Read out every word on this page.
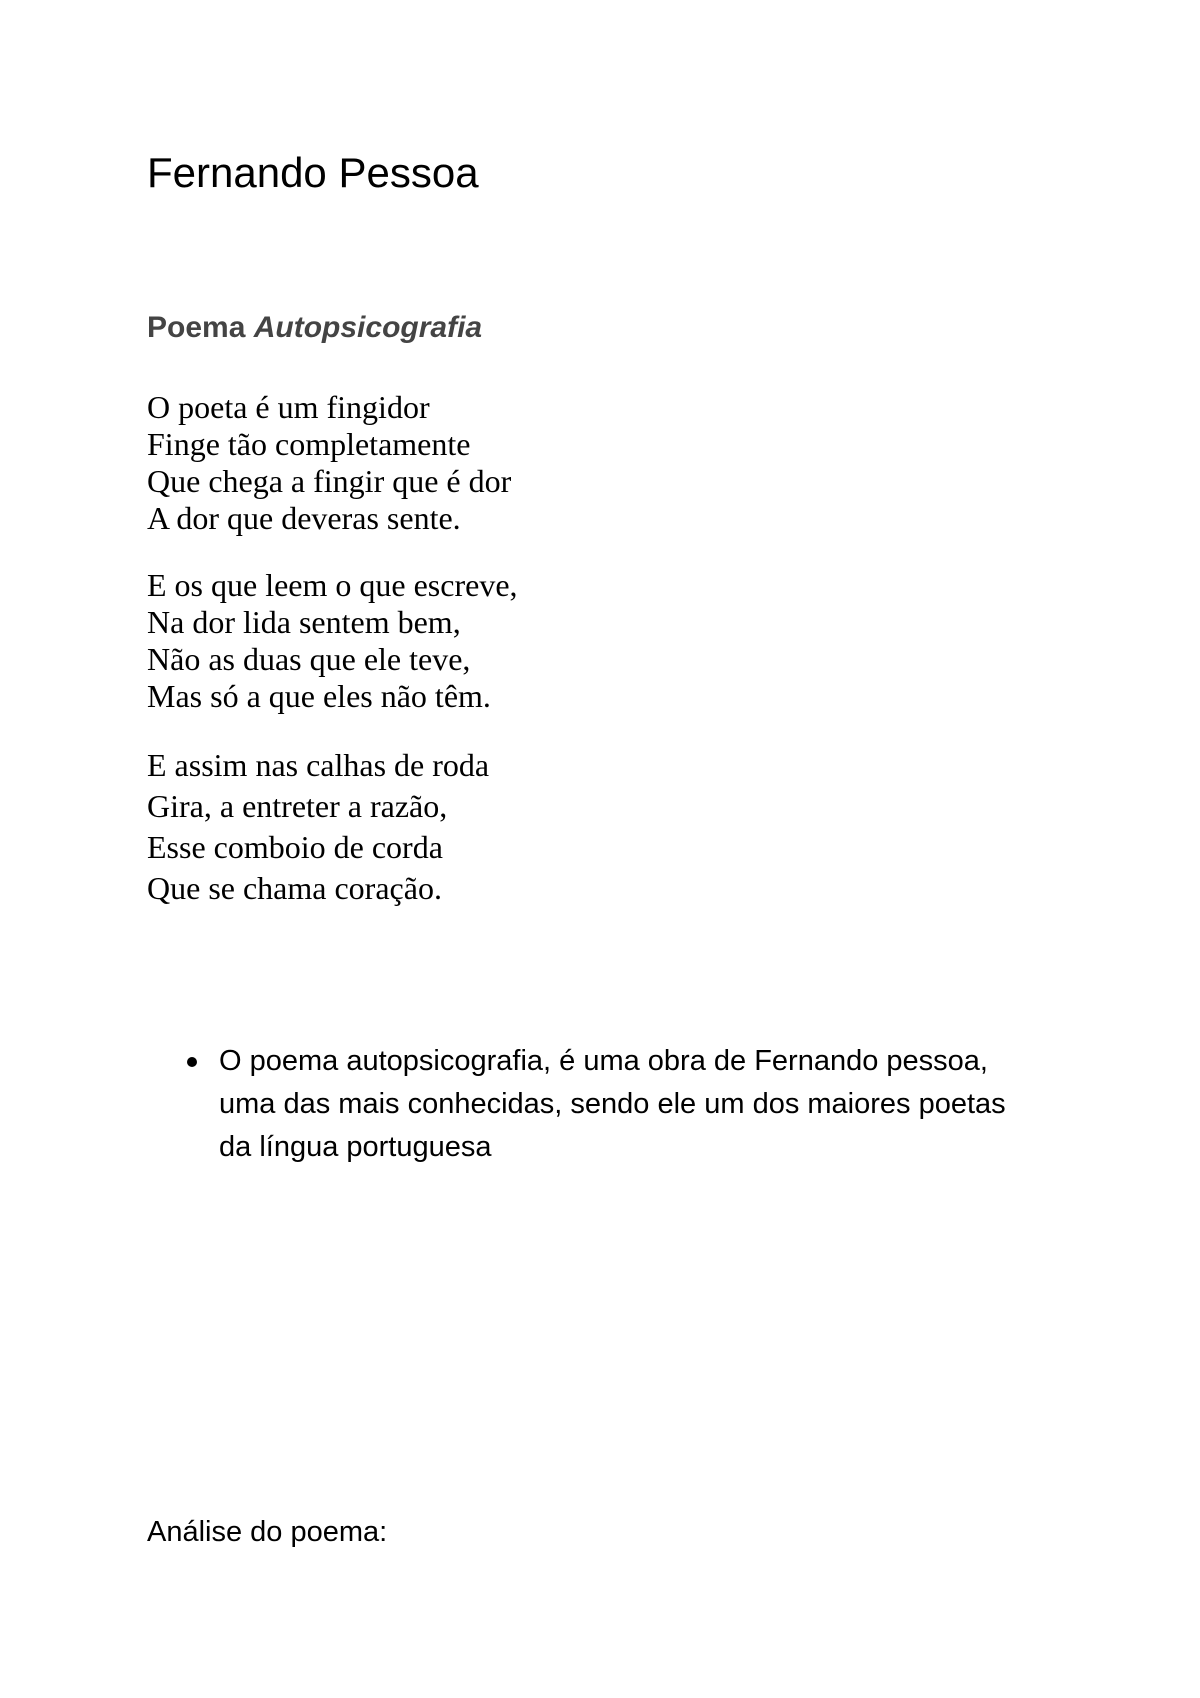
Fernando Pessoa
Poema Autopsicografia

O poeta é um fingidor
Finge tão completamente
Que chega a fingir que é dor
A dor que deveras sente.

E os que leem o que escreve,
Na dor lida sentem bem,
Não as duas que ele teve,
Mas só a que eles não têm.

E assim nas calhas de roda
Gira, a entreter a razão,
Esse comboio de corda
Que se chama coração.

O poema autopsicografia, é uma obra de Fernando pessoa, uma das mais conhecidas, sendo ele um dos maiores poetas da língua portuguesa

Análise do poema:
